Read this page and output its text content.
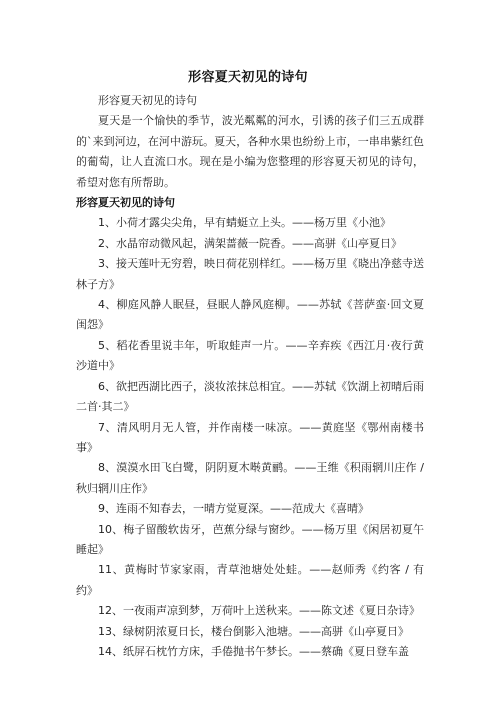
形容夏天初见的诗句

形容夏天初见的诗句

夏天是一个愉快的季节，波光粼粼的河水，引诱的孩子们三五成群的`来到河边，在河中游玩。夏天，各种水果也纷纷上市，一串串紫红色的葡萄，让人直流口水。现在是小编为您整理的形容夏天初见的诗句，希望对您有所帮助。

形容夏天初见的诗句

1、小荷才露尖尖角，早有蜻蜓立上头。——杨万里《小池》

2、水晶帘动微风起，满架蔷薇一院香。——高骈《山亭夏日》

3、接天莲叶无穷碧，映日荷花别样红。——杨万里《晓出净慈寺送林子方》

4、柳庭风静人眠昼，昼眠人静风庭柳。——苏轼《菩萨蛮·回文夏闺怨》

5、稻花香里说丰年，听取蛙声一片。——辛弃疾《西江月·夜行黄沙道中》

6、欲把西湖比西子，淡妆浓抹总相宜。——苏轼《饮湖上初晴后雨二首·其二》

7、清风明月无人管，并作南楼一味凉。——黄庭坚《鄂州南楼书事》

8、漠漠水田飞白鹭，阴阴夏木啭黄鹂。——王维《积雨辋川庄作 / 秋归辋川庄作》

9、连雨不知春去，一晴方觉夏深。——范成大《喜晴》

10、梅子留酸软齿牙，芭蕉分绿与窗纱。——杨万里《闲居初夏午睡起》

11、黄梅时节家家雨，青草池塘处处蛙。——赵师秀《约客 / 有约》

12、一夜雨声凉到梦，万荷叶上送秋来。——陈文述《夏日杂诗》

13、绿树阴浓夏日长，楼台倒影入池塘。——高骈《山亭夏日》

14、纸屏石枕竹方床，手倦抛书午梦长。——蔡确《夏日登车盖
